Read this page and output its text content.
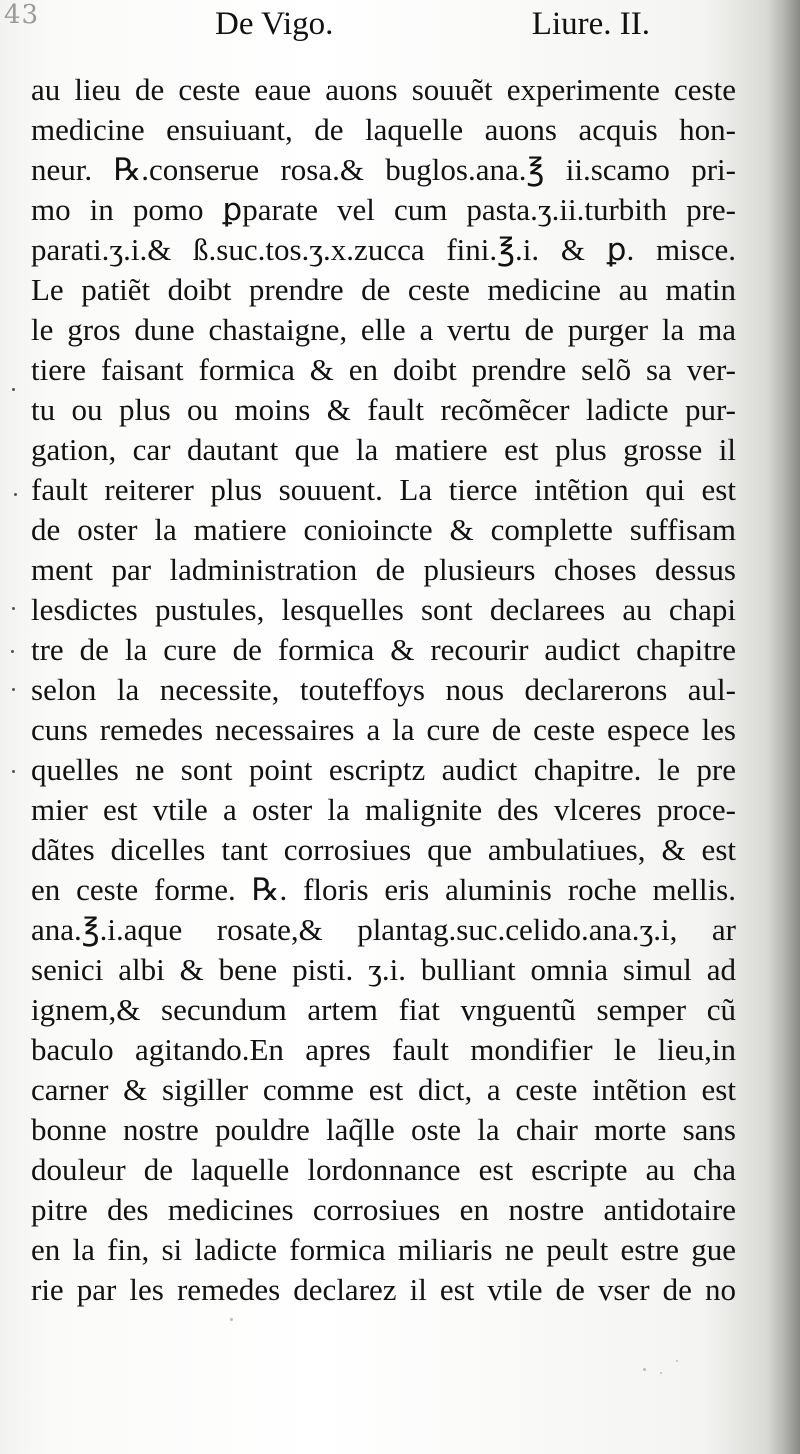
43	De Vigo.	Liure. II.
au lieu de ceste eaue auons souuẽt experimente ceste
medicine ensuiuant, de laquelle auons acquis hon-
neur. ℞.conserue rosa.& buglos.ana.℥ ii.scamo pri-
mo in pomo ꝑparate vel cum pasta.ʒ.ii.turbith pre-
parati.ʒ.i.& ß.suc.tos.ʒ.x.zucca fini.℥.i. & ꝑ. misce.
Le patiẽt doibt prendre de ceste medicine au matin
le gros dune chastaigne, elle a vertu de purger la ma
tiere faisant formica & en doibt prendre selõ sa ver-
tu ou plus ou moins & fault recõmẽcer ladicte pur-
gation, car dautant que la matiere est plus grosse il
fault reiterer plus souuent. La tierce intẽtion qui est
de oster la matiere conioincte & complette suffisam
ment par ladministration de plusieurs choses dessus
lesdictes pustules, lesquelles sont declarees au chapi
tre de la cure de formica & recourir audict chapitre
selon la necessite, touteffoys nous declarerons aul-
cuns remedes necessaires a la cure de ceste espece les
quelles ne sont point escriptz audict chapitre. le pre
mier est vtile a oster la malignite des vlceres proce-
dãtes dicelles tant corrosiues que ambulatiues, & est
en ceste forme. ℞. floris eris aluminis roche mellis.
ana.℥.i.aque rosate,& plantag.suc.celido.ana.ʒ.i, ar
senici albi & bene pisti. ʒ.i. bulliant omnia simul ad
ignem,& secundum artem fiat vnguentũ semper cũ
baculo agitando.En apres fault mondifier le lieu,in
carner & sigiller comme est dict, a ceste intẽtion est
bonne nostre pouldre laq̃lle oste la chair morte sans
douleur de laquelle lordonnance est escripte au cha
pitre des medicines corrosiues en nostre antidotaire
en la fin, si ladicte formica miliaris ne peult estre gue
rie par les remedes declarez il est vtile de vser de no
